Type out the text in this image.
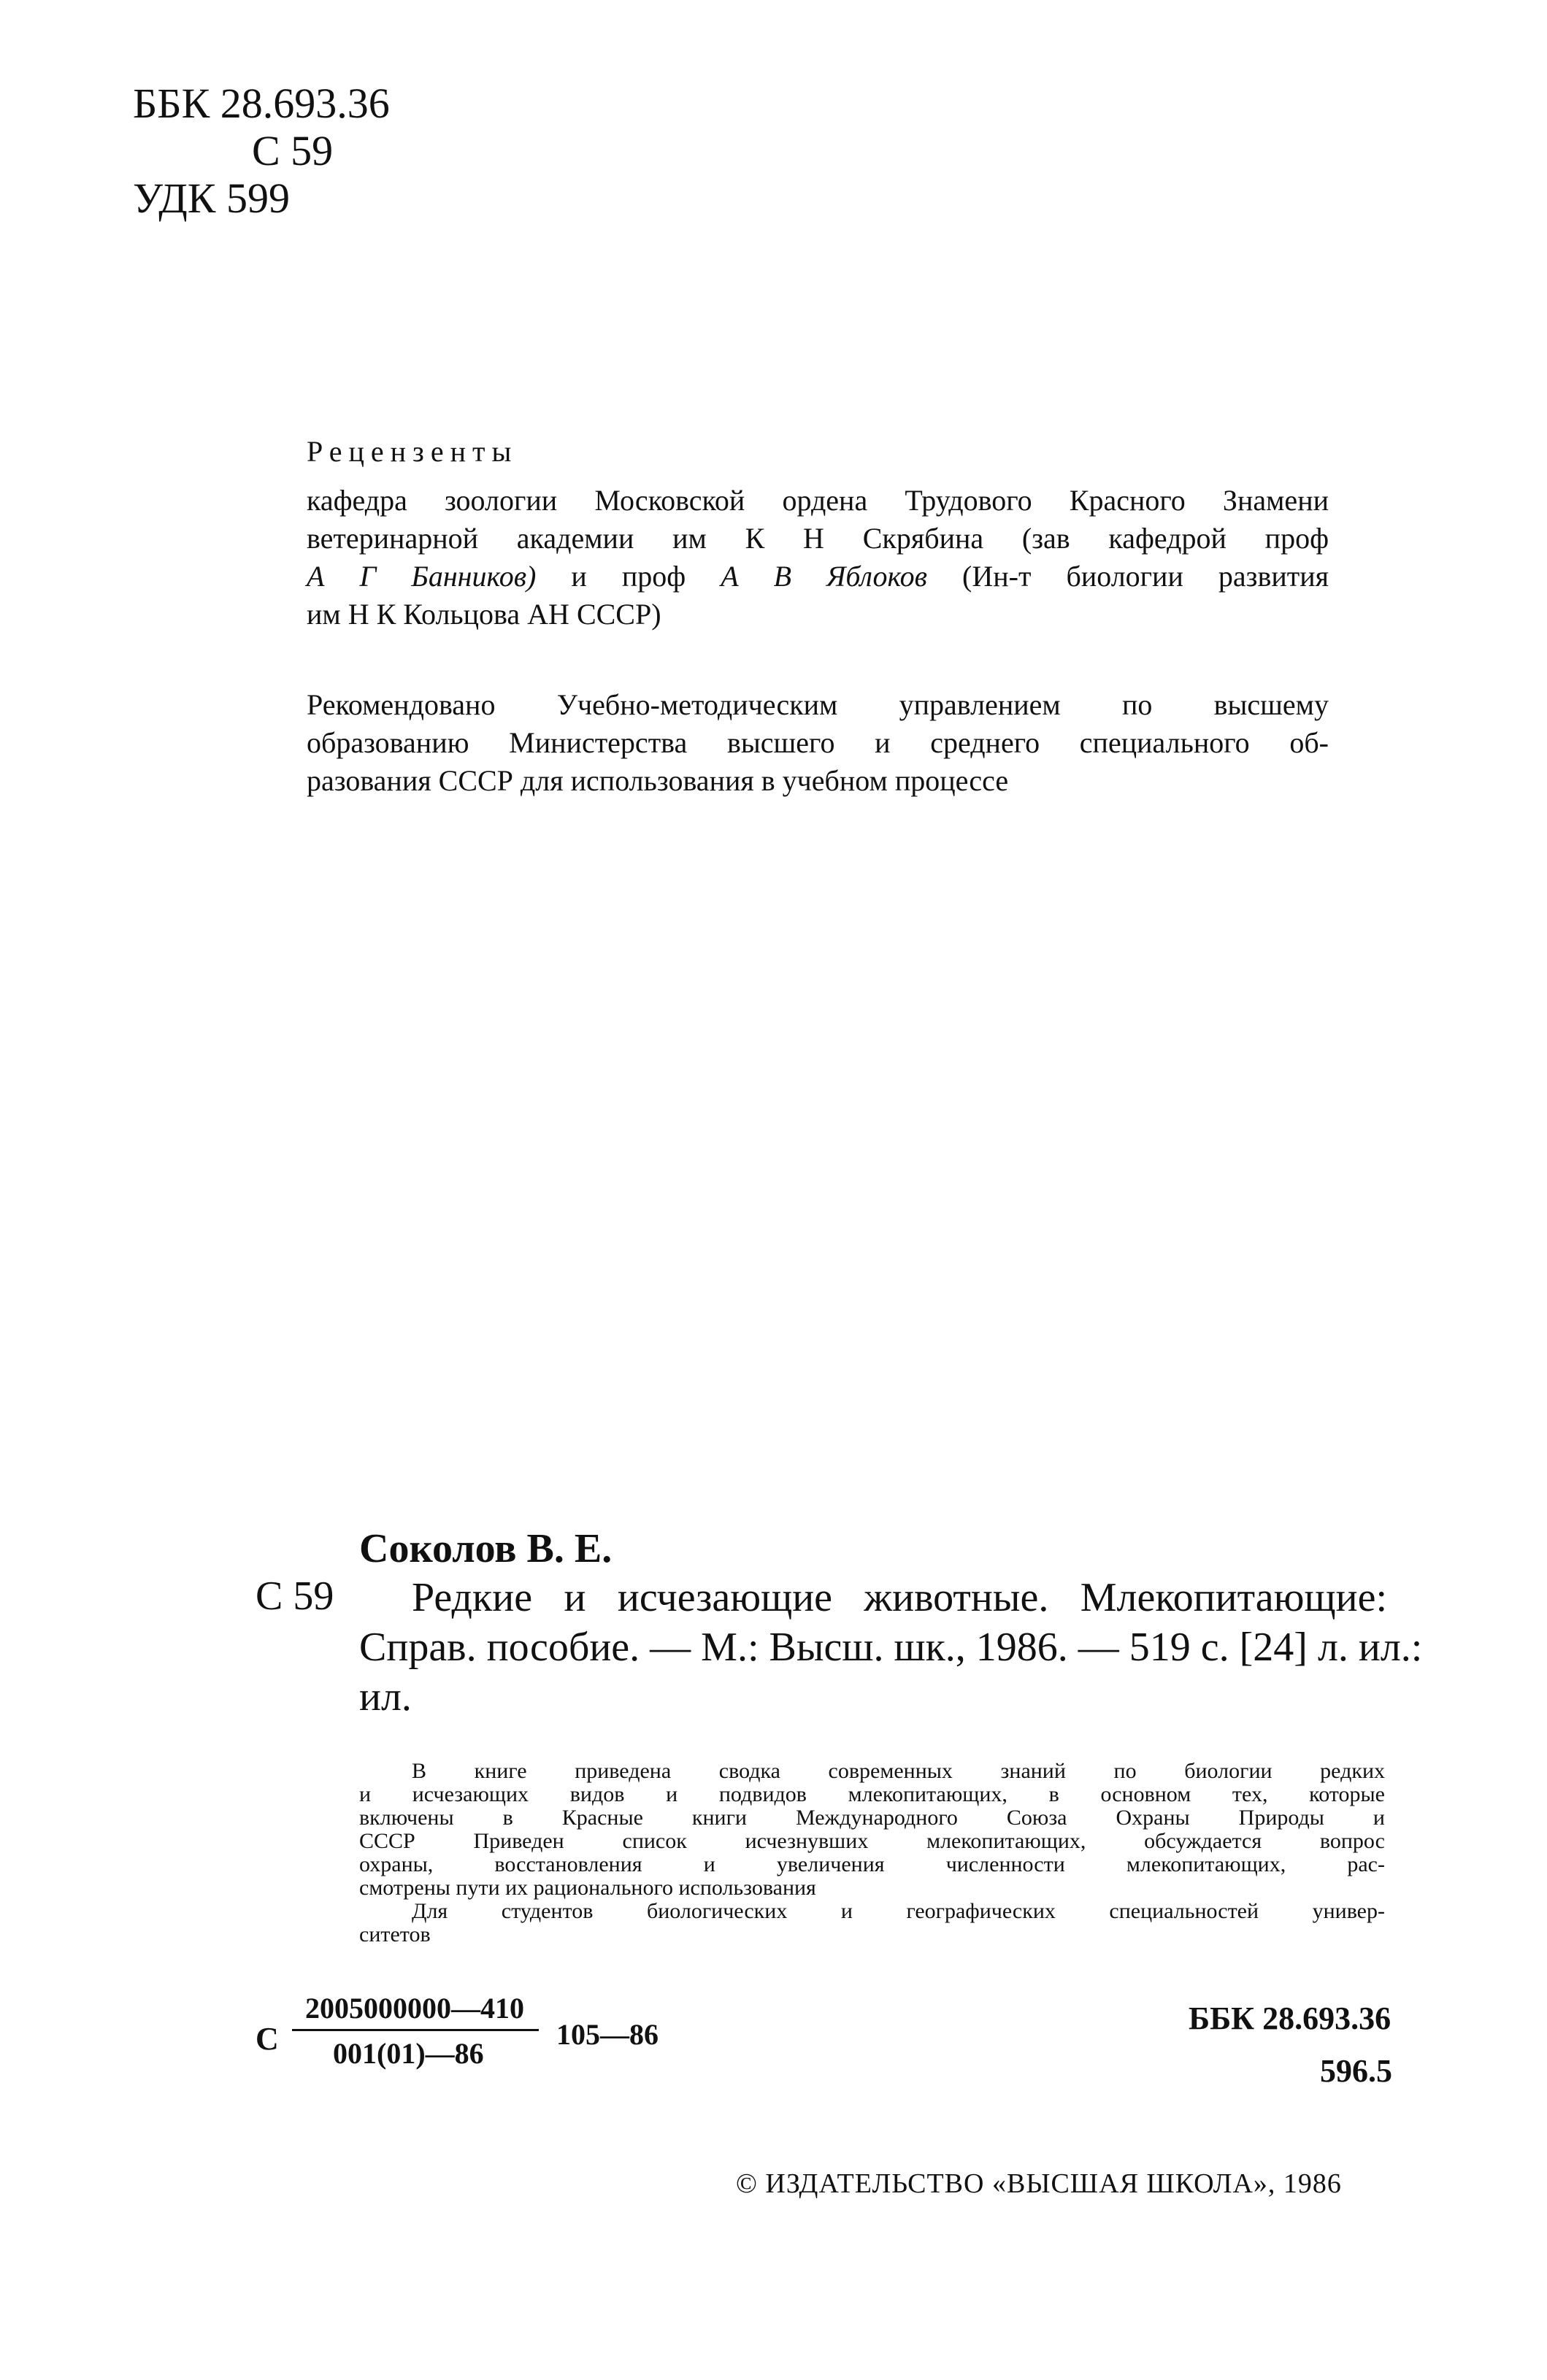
ББК 28.693.36
С 59
УДК 599
Рецензенты
кафедра зоологии Московской ордена Трудового Красного Знамени
ветеринарной академии им К Н Скрябина (зав кафедрой проф
А Г Банников) и проф А В Яблоков (Ин-т биологии развития
им Н К Кольцова АН СССР)
Рекомендовано Учебно-методическим управлением по высшему
образованию Министерства высшего и среднего специального об-
разования СССР для использования в учебном процессе
Соколов В. Е.
С 59	Редкие и исчезающие животные. Млекопитающие:
Справ. пособие. — М.: Высш. шк., 1986. — 519 с. [24] л. ил.:
ил.
В книге приведена сводка современных знаний по биологии редких
и исчезающих видов и подвидов млекопитающих, в основном тех, которые
включены в Красные книги Международного Союза Охраны Природы и
СССР Приведен список исчезнувших млекопитающих, обсуждается вопрос
охраны, восстановления и увеличения численности млекопитающих, рас-
смотрены пути их рационального использования
Для студентов биологических и географических специальностей универ-
ситетов
С
2005000000—410
001(01)—86
105—86	ББК 28.693.36
596.5
© ИЗДАТЕЛЬСТВО «ВЫСШАЯ ШКОЛА», 1986
